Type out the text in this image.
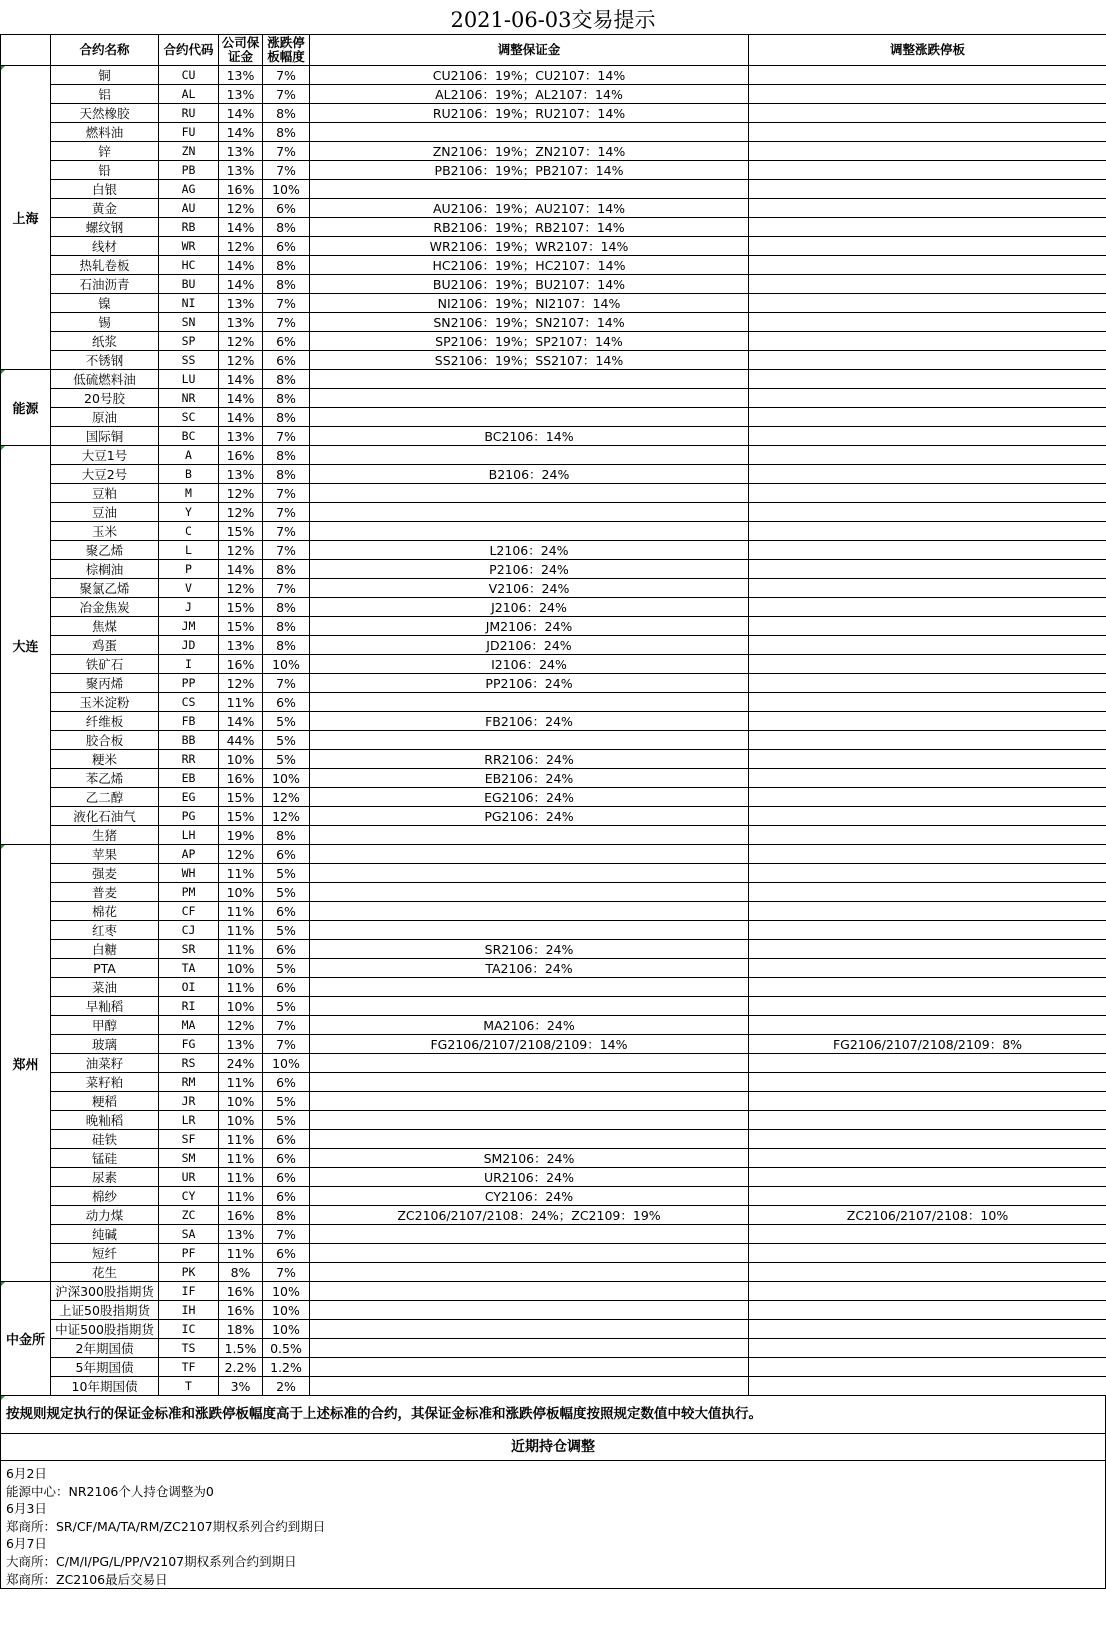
2021-06-03交易提示
	合约名称	合约代码	公司保证金	涨跌停板幅度	调整保证金	调整涨跌停板
上海	铜	CU	13%	7%	CU2106：19%；CU2107：14%	
	铝	AL	13%	7%	AL2106：19%；AL2107：14%	
	天然橡胶	RU	14%	8%	RU2106：19%；RU2107：14%	
	燃料油	FU	14%	8%		
	锌	ZN	13%	7%	ZN2106：19%；ZN2107：14%	
	铅	PB	13%	7%	PB2106：19%；PB2107：14%	
	白银	AG	16%	10%		
	黄金	AU	12%	6%	AU2106：19%；AU2107：14%	
	螺纹钢	RB	14%	8%	RB2106：19%；RB2107：14%	
	线材	WR	12%	6%	WR2106：19%；WR2107：14%	
	热轧卷板	HC	14%	8%	HC2106：19%；HC2107：14%	
	石油沥青	BU	14%	8%	BU2106：19%；BU2107：14%	
	镍	NI	13%	7%	NI2106：19%；NI2107：14%	
	锡	SN	13%	7%	SN2106：19%；SN2107：14%	
	纸浆	SP	12%	6%	SP2106：19%；SP2107：14%	
	不锈钢	SS	12%	6%	SS2106：19%；SS2107：14%	
能源	低硫燃料油	LU	14%	8%		
	20号胶	NR	14%	8%		
	原油	SC	14%	8%		
	国际铜	BC	13%	7%	BC2106：14%	
大连	大豆1号	A	16%	8%		
	大豆2号	B	13%	8%	B2106：24%	
	豆粕	M	12%	7%		
	豆油	Y	12%	7%		
	玉米	C	15%	7%		
	聚乙烯	L	12%	7%	L2106：24%	
	棕榈油	P	14%	8%	P2106：24%	
	聚氯乙烯	V	12%	7%	V2106：24%	
	冶金焦炭	J	15%	8%	J2106：24%	
	焦煤	JM	15%	8%	JM2106：24%	
	鸡蛋	JD	13%	8%	JD2106：24%	
	铁矿石	I	16%	10%	I2106：24%	
	聚丙烯	PP	12%	7%	PP2106：24%	
	玉米淀粉	CS	11%	6%		
	纤维板	FB	14%	5%	FB2106：24%	
	胶合板	BB	44%	5%		
	粳米	RR	10%	5%	RR2106：24%	
	苯乙烯	EB	16%	10%	EB2106：24%	
	乙二醇	EG	15%	12%	EG2106：24%	
	液化石油气	PG	15%	12%	PG2106：24%	
	生猪	LH	19%	8%		
郑州	苹果	AP	12%	6%		
	强麦	WH	11%	5%		
	普麦	PM	10%	5%		
	棉花	CF	11%	6%		
	红枣	CJ	11%	5%		
	白糖	SR	11%	6%	SR2106：24%	
	PTA	TA	10%	5%	TA2106：24%	
	菜油	OI	11%	6%		
	早籼稻	RI	10%	5%		
	甲醇	MA	12%	7%	MA2106：24%	
	玻璃	FG	13%	7%	FG2106/2107/2108/2109：14%	FG2106/2107/2108/2109：8%
	油菜籽	RS	24%	10%		
	菜籽粕	RM	11%	6%		
	粳稻	JR	10%	5%		
	晚籼稻	LR	10%	5%		
	硅铁	SF	11%	6%		
	锰硅	SM	11%	6%	SM2106：24%	
	尿素	UR	11%	6%	UR2106：24%	
	棉纱	CY	11%	6%	CY2106：24%	
	动力煤	ZC	16%	8%	ZC2106/2107/2108：24%；ZC2109：19%	ZC2106/2107/2108：10%
	纯碱	SA	13%	7%		
	短纤	PF	11%	6%		
	花生	PK	8%	7%		
中金所	沪深300股指期货	IF	16%	10%		
	上证50股指期货	IH	16%	10%		
	中证500股指期货	IC	18%	10%		
	2年期国债	TS	1.5%	0.5%		
	5年期国债	TF	2.2%	1.2%		
	10年期国债	T	3%	2%		
按规则规定执行的保证金标准和涨跌停板幅度高于上述标准的合约，其保证金标准和涨跌停板幅度按照规定数值中较大值执行。
近期持仓调整
6月2日
能源中心：NR2106个人持仓调整为0
6月3日
郑商所：SR/CF/MA/TA/RM/ZC2107期权系列合约到期日
6月7日
大商所：C/M/I/PG/L/PP/V2107期权系列合约到期日
郑商所：ZC2106最后交易日
